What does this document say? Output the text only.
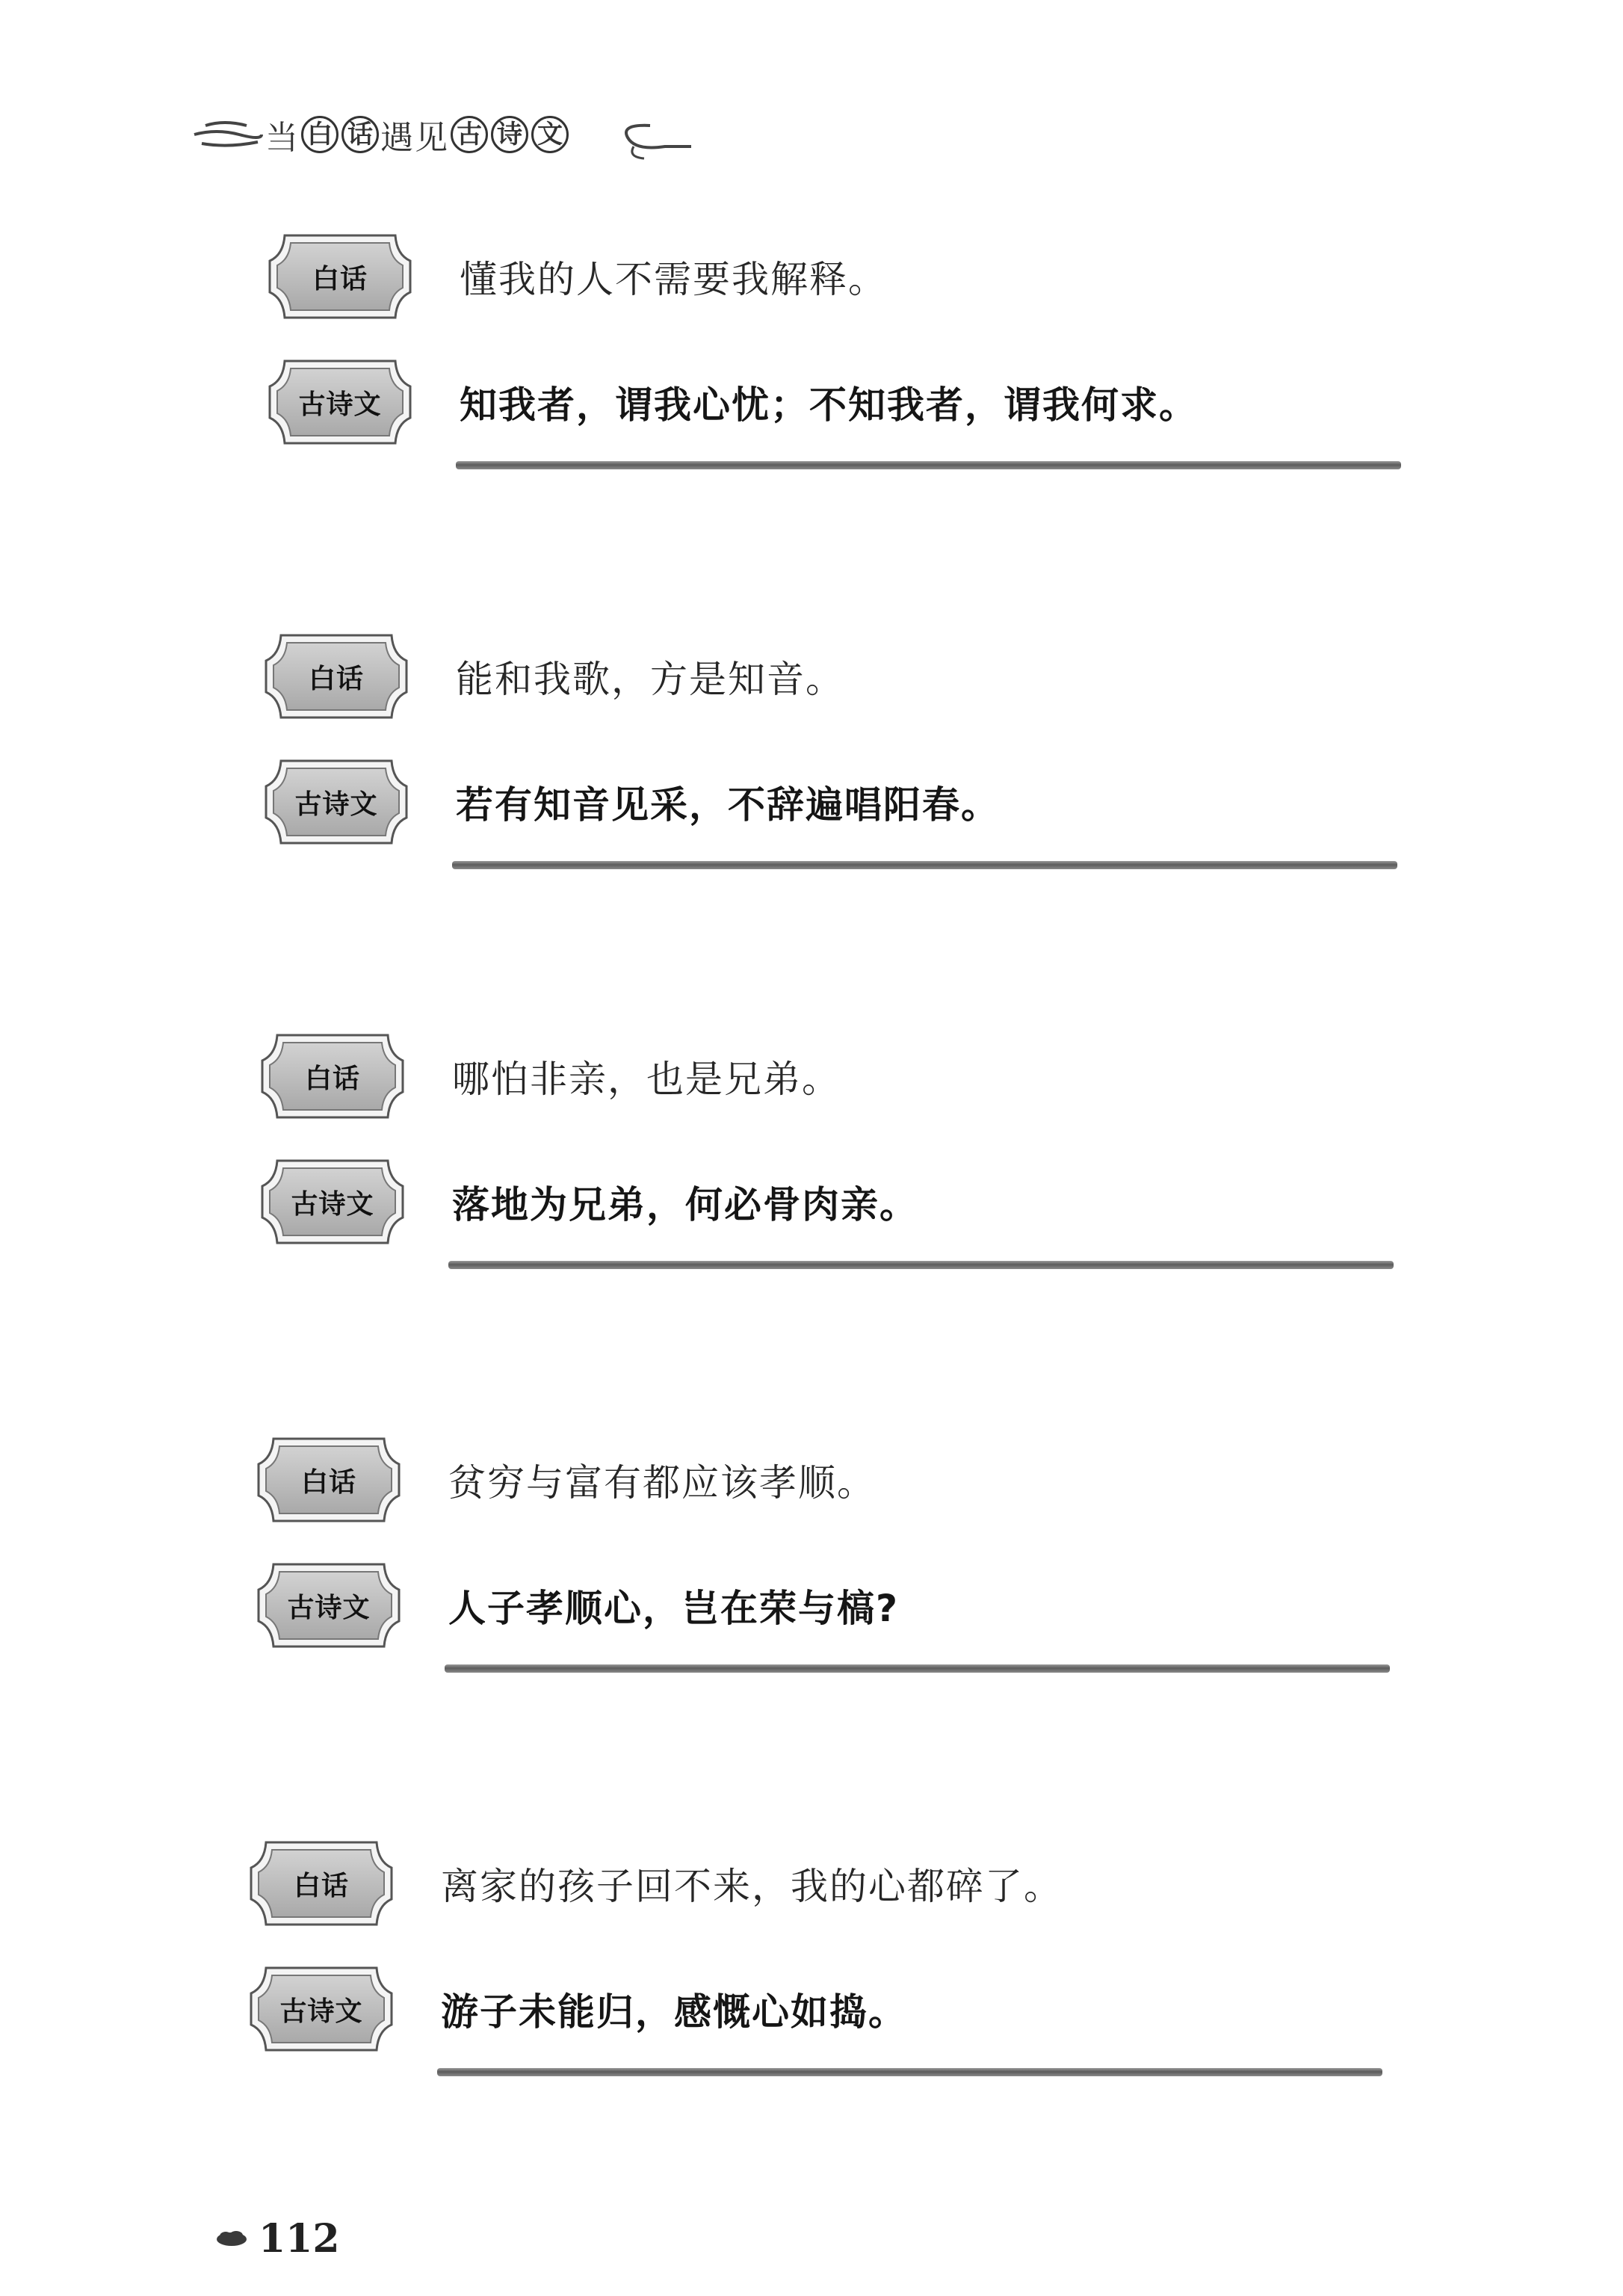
当 白 话 遇见 古 诗 文
白话	懂我的人不需要我解释。
古诗文	知我者，谓我心忧；不知我者，谓我何求。
白话	能和我歌，方是知音。
古诗文	若有知音见采，不辞遍唱阳春。
白话	哪怕非亲，也是兄弟。
古诗文	落地为兄弟，何必骨肉亲。
白话	贫穷与富有都应该孝顺。
古诗文	人子孝顺心，岂在荣与槁?
白话	离家的孩子回不来，我的心都碎了。
古诗文	游子未能归，感慨心如捣。
112
